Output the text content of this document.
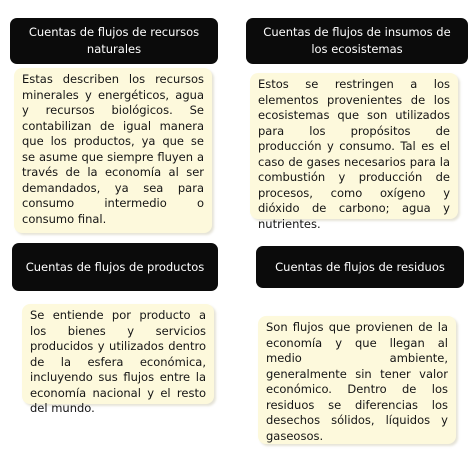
Cuentas de flujos de recursos naturales

Estas describen los recursos minerales y energéticos, agua y recursos biológicos. Se contabilizan de igual manera que los productos, ya que se se asume que siempre fluyen a través de la economía al ser demandados, ya sea para consumo intermedio o consumo final.

Cuentas de flujos de insumos de los ecosistemas

Estos se restringen a los elementos provenientes de los ecosistemas que son utilizados para los propósitos de producción y consumo. Tal es el caso de gases necesarios para la combustión y producción de procesos, como oxígeno y dióxido de carbono; agua y nutrientes.

Cuentas de flujos de productos

Se entiende por producto a los bienes y servicios producidos y utilizados dentro de la esfera económica, incluyendo sus flujos entre la economía nacional y el resto del mundo.

Cuentas de flujos de residuos

Son flujos que provienen de la economía y que llegan al medio ambiente, generalmente sin tener valor económico. Dentro de los residuos se diferencias los desechos sólidos, líquidos y gaseosos.
